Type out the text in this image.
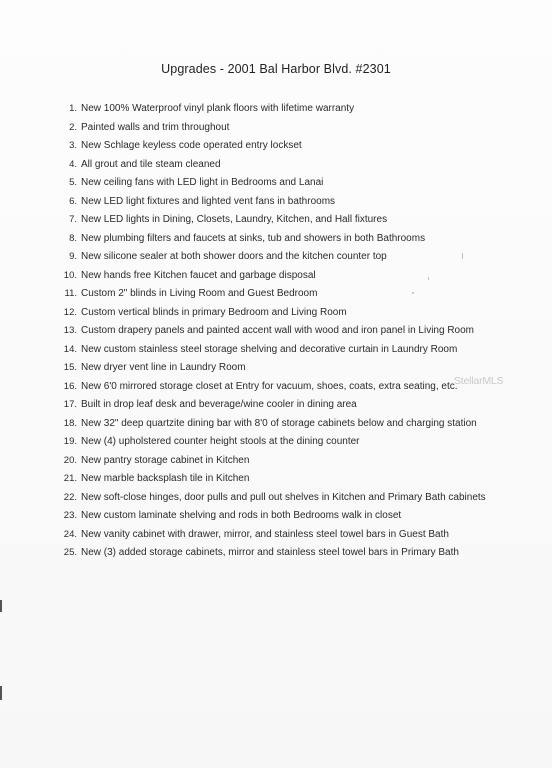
Upgrades - 2001 Bal Harbor Blvd. #2301
1. New 100% Waterproof vinyl plank floors with lifetime warranty
2. Painted walls and trim throughout
3. New Schlage keyless code operated entry lockset
4. All grout and tile steam cleaned
5. New ceiling fans with LED light in Bedrooms and Lanai
6. New LED light fixtures and lighted vent fans in bathrooms
7. New LED lights in Dining, Closets, Laundry, Kitchen, and Hall fixtures
8. New plumbing filters and faucets at sinks, tub and showers in both Bathrooms
9. New silicone sealer at both shower doors and the kitchen counter top
10. New hands free Kitchen faucet and garbage disposal
11. Custom 2" blinds in Living Room and Guest Bedroom
12. Custom vertical blinds in primary Bedroom and Living Room
13. Custom drapery panels and painted accent wall with wood and iron panel in Living Room
14. New custom stainless steel storage shelving and decorative curtain in Laundry Room
15. New dryer vent line in Laundry Room
16. New 6'0 mirrored storage closet at Entry for vacuum, shoes, coats, extra seating, etc.
17. Built in drop leaf desk and beverage/wine cooler in dining area
18. New 32" deep quartzite dining bar with 8'0 of storage cabinets below and charging station
19. New (4) upholstered counter height stools at the dining counter
20. New pantry storage cabinet in Kitchen
21. New marble backsplash tile in Kitchen
22. New soft-close hinges, door pulls and pull out shelves in Kitchen and Primary Bath cabinets
23. New custom laminate shelving and rods in both Bedrooms walk in closet
24. New vanity cabinet with drawer, mirror, and stainless steel towel bars in Guest Bath
25. New (3) added storage cabinets, mirror and stainless steel towel bars in Primary Bath
StellarMLS
